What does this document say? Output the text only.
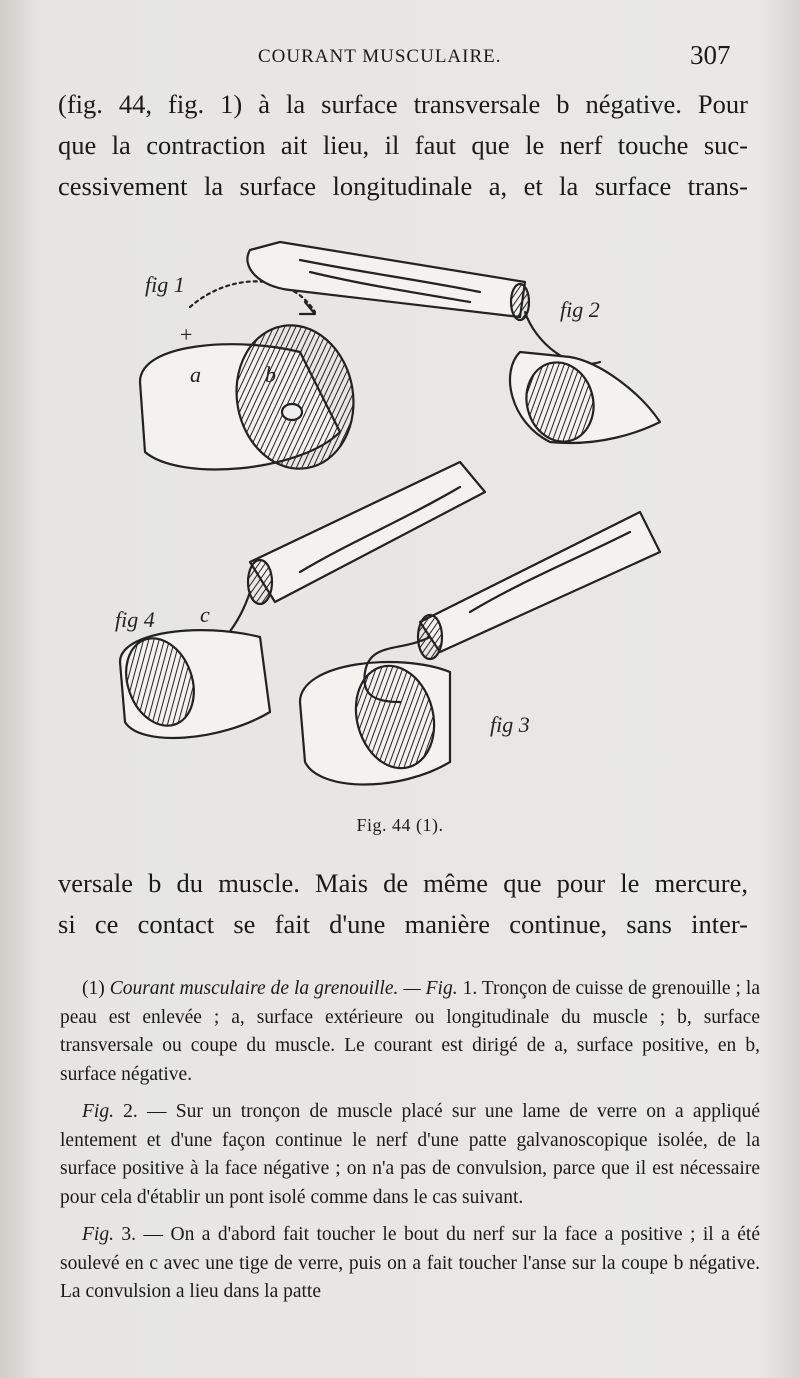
COURANT MUSCULAIRE.	307
(fig. 44, fig. 1) à la surface transversale b négative. Pour
que la contraction ait lieu, il faut que le nerf touche suc-
cessivement la surface longitudinale a, et la surface trans-
fig 1
fig 2
fig 3
fig 4
+
a	b
c
Fig. 44 (1).
versale b du muscle. Mais de même que pour le mercure,
si ce contact se fait d'une manière continue, sans inter-

(1) Courant musculaire de la grenouille. — Fig. 1. Tronçon de cuisse de grenouille ; la peau est enlevée ; a, surface extérieure ou longitudinale du muscle ; b, surface transversale ou coupe du muscle. Le courant est dirigé de a, surface positive, en b, surface négative.

Fig. 2. — Sur un tronçon de muscle placé sur une lame de verre on a appliqué lentement et d'une façon continue le nerf d'une patte galvanoscopique isolée, de la surface positive à la face négative ; on n'a pas de convulsion, parce que il est nécessaire pour cela d'établir un pont isolé comme dans le cas suivant.

Fig. 3. — On a d'abord fait toucher le bout du nerf sur la face a positive ; il a été soulevé en c avec une tige de verre, puis on a fait toucher l'anse sur la coupe b négative. La convulsion a lieu dans la patte
